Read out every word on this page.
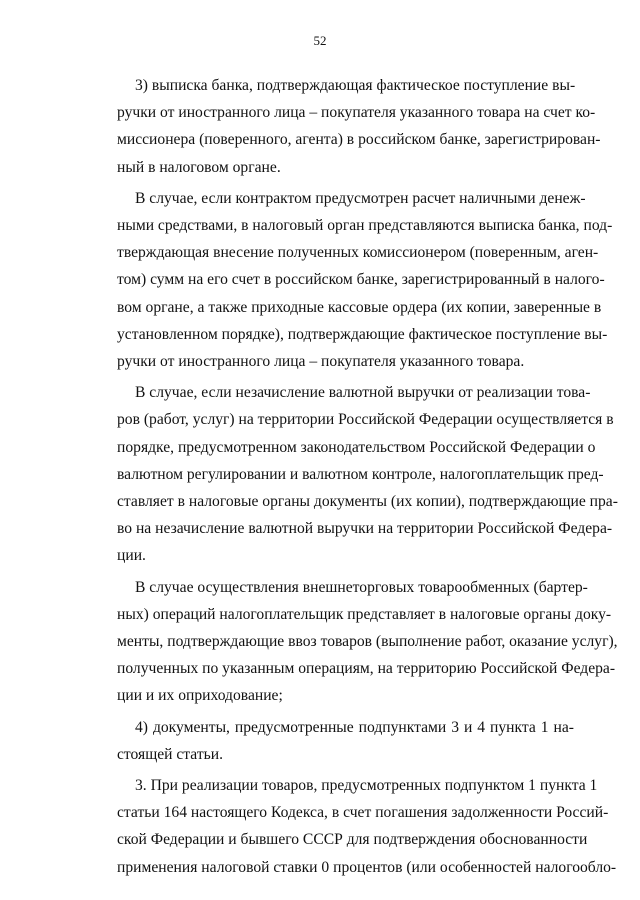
52

3) выписка банка, подтверждающая фактическое поступление вы-
ручки от иностранного лица – покупателя указанного товара на счет ко-
миссионера (поверенного, агента) в российском банке, зарегистрирован-
ный в налоговом органе.

В случае, если контрактом предусмотрен расчет наличными денеж-
ными средствами, в налоговый орган представляются выписка банка, под-
тверждающая внесение полученных комиссионером (поверенным, аген-
том) сумм на его счет в российском банке, зарегистрированный в налого-
вом органе, а также приходные кассовые ордера (их копии, заверенные в
установленном порядке), подтверждающие фактическое поступление вы-
ручки от иностранного лица – покупателя указанного товара.

В случае, если незачисление валютной выручки от реализации това-
ров (работ, услуг) на территории Российской Федерации осуществляется в
порядке, предусмотренном законодательством Российской Федерации о
валютном регулировании и валютном контроле, налогоплательщик пред-
ставляет в налоговые органы документы (их копии), подтверждающие пра-
во на незачисление валютной выручки на территории Российской Федера-
ции.

В случае осуществления внешнеторговых товарообменных (бартер-
ных) операций налогоплательщик представляет в налоговые органы доку-
менты, подтверждающие ввоз товаров (выполнение работ, оказание услуг),
полученных по указанным операциям, на территорию Российской Федера-
ции и их оприходование;

4) документы, предусмотренные подпунктами 3 и 4 пункта 1 на-
стоящей статьи.

3. При реализации товаров, предусмотренных подпунктом 1 пункта 1
статьи 164 настоящего Кодекса, в счет погашения задолженности Россий-
ской Федерации и бывшего СССР для подтверждения обоснованности
применения налоговой ставки 0 процентов (или особенностей налогообло-
